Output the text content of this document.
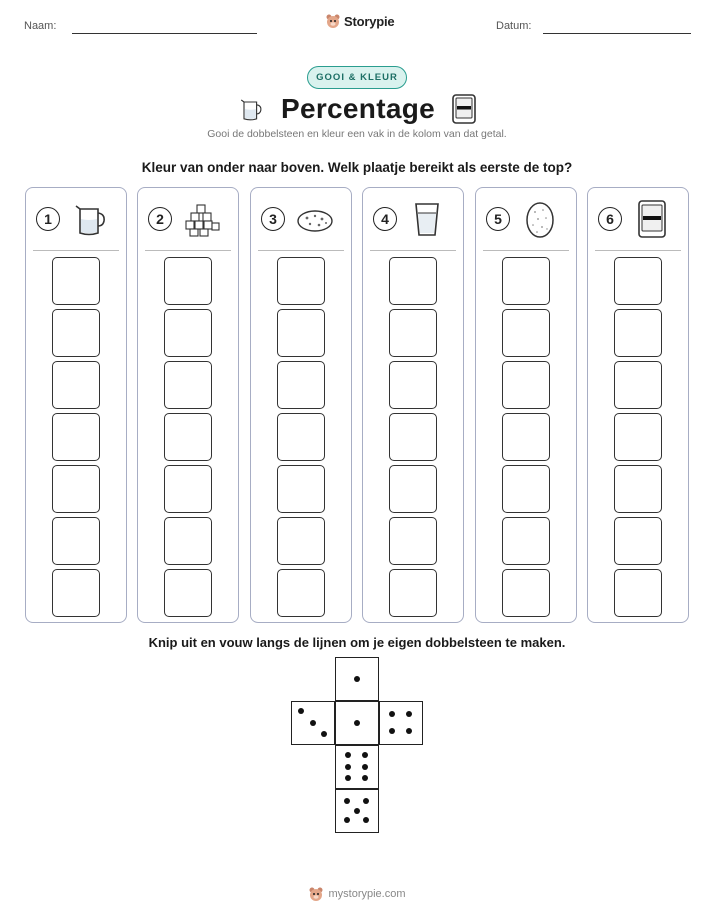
Naam:	Storypie	Datum:
GOOI & KLEUR
Percentage
Gooi de dobbelsteen en kleur een vak in de kolom van dat getal.
Kleur van onder naar boven. Welk plaatje bereikt als eerste de top?
1	2	3	4	5	6
Knip uit en vouw langs de lijnen om je eigen dobbelsteen te maken.
mystorypie.com
